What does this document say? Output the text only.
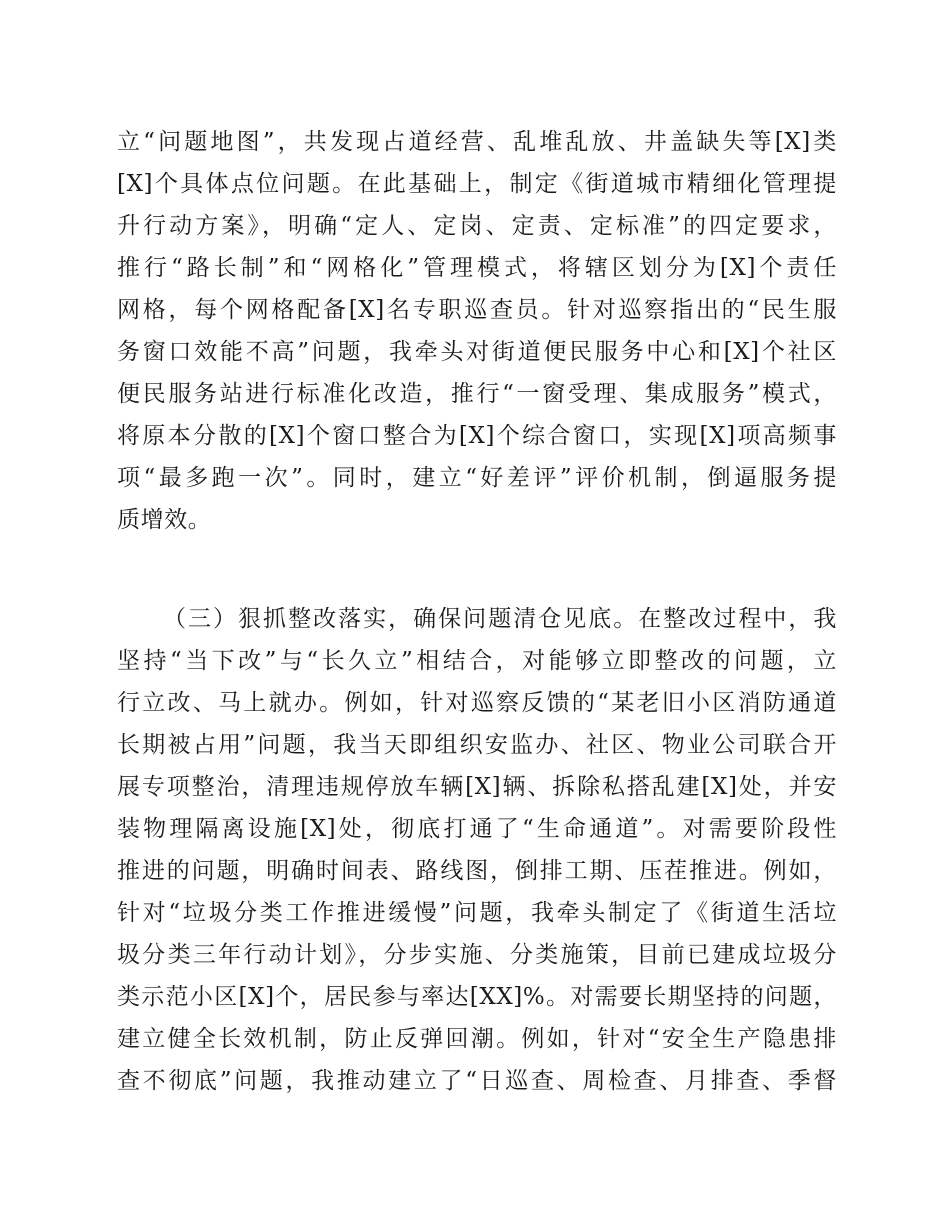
立“问题地图”，共发现占道经营、乱堆乱放、井盖缺失等[X]类
[X]个具体点位问题。在此基础上，制定《街道城市精细化管理提
升行动方案》，明确“定人、定岗、定责、定标准”的四定要求，
推行“路长制”和“网格化”管理模式，将辖区划分为[X]个责任
网格，每个网格配备[X]名专职巡查员。针对巡察指出的“民生服
务窗口效能不高”问题，我牵头对街道便民服务中心和[X]个社区
便民服务站进行标准化改造，推行“一窗受理、集成服务”模式，
将原本分散的[X]个窗口整合为[X]个综合窗口，实现[X]项高频事
项“最多跑一次”。同时，建立“好差评”评价机制，倒逼服务提
质增效。
（三）狠抓整改落实，确保问题清仓见底。在整改过程中，我
坚持“当下改”与“长久立”相结合，对能够立即整改的问题，立
行立改、马上就办。例如，针对巡察反馈的“某老旧小区消防通道
长期被占用”问题，我当天即组织安监办、社区、物业公司联合开
展专项整治，清理违规停放车辆[X]辆、拆除私搭乱建[X]处，并安
装物理隔离设施[X]处，彻底打通了“生命通道”。对需要阶段性
推进的问题，明确时间表、路线图，倒排工期、压茬推进。例如，
针对“垃圾分类工作推进缓慢”问题，我牵头制定了《街道生活垃
圾分类三年行动计划》，分步实施、分类施策，目前已建成垃圾分
类示范小区[X]个，居民参与率达[XX]%。对需要长期坚持的问题，
建立健全长效机制，防止反弹回潮。例如，针对“安全生产隐患排
查不彻底”问题，我推动建立了“日巡查、周检查、月排查、季督
